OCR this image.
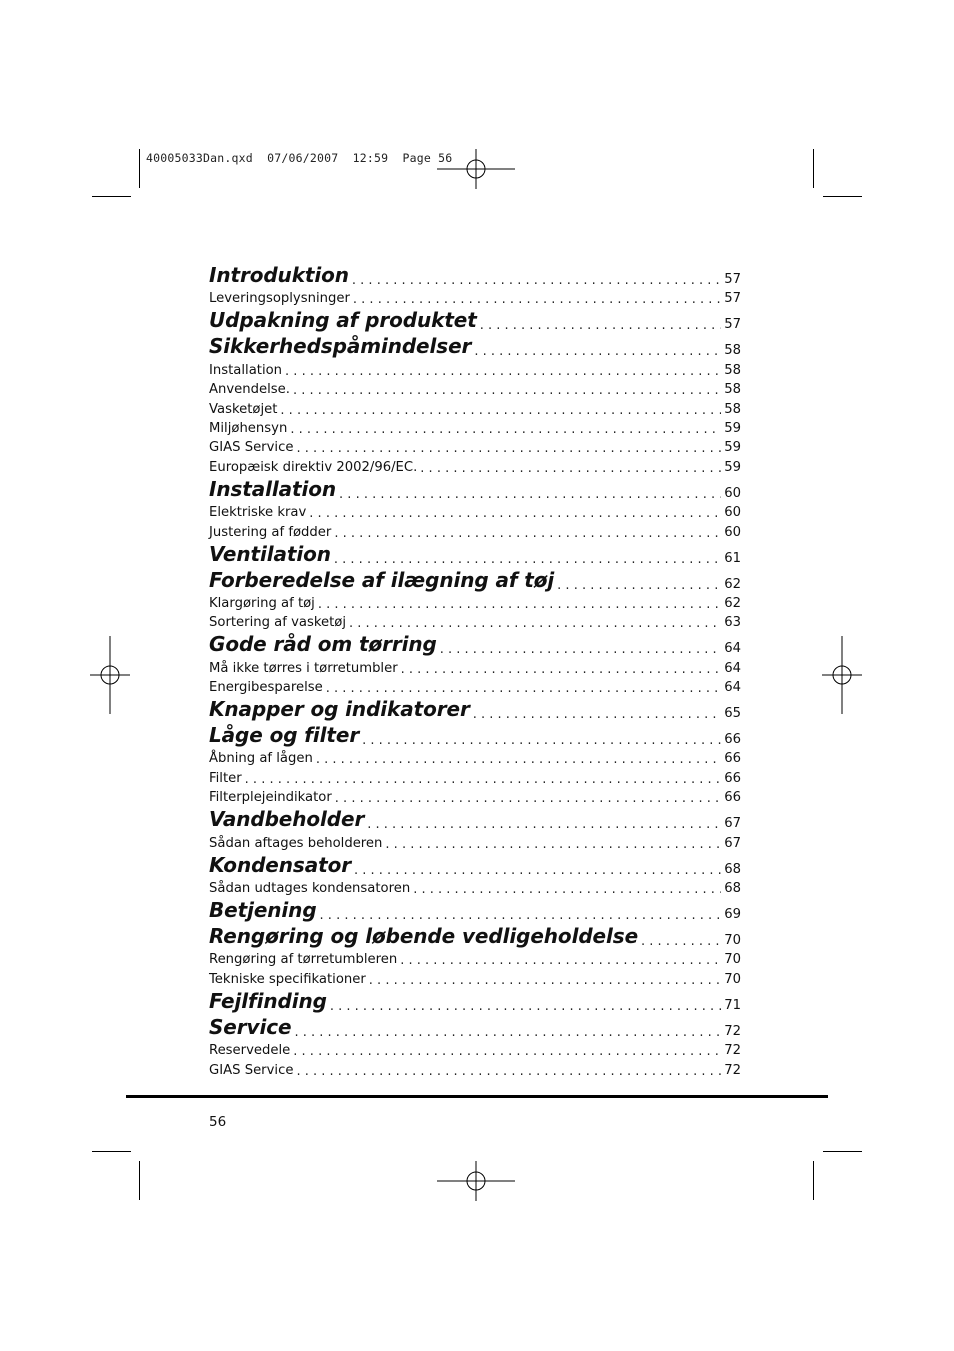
40005033Dan.qxd  07/06/2007  12:59  Page 56
Introduktion . . .	57
Leveringsoplysninger . . .	57
Udpakning af produktet . . .	57
Sikkerhedspåmindelser . . .	58
Installation . . .	58
Anvendelse. . . .	58
Vasketøjet . . .	58
Miljøhensyn . . .	59
GIAS Service . . .	59
Europæisk direktiv 2002/96/EC. . . .	59
Installation . . .	60
Elektriske krav . . .	60
Justering af fødder . . .	60
Ventilation . . .	61
Forberedelse af ilægning af tøj . . .	62
Klargøring af tøj . . .	62
Sortering af vasketøj . . .	63
Gode råd om tørring . . .	64
Må ikke tørres i tørretumbler . . .	64
Energibesparelse . . .	64
Knapper og indikatorer . . .	65
Låge og filter . . .	66
Åbning af lågen . . .	66
Filter . . .	66
Filterplejeindikator . . .	66
Vandbeholder . . .	67
Sådan aftages beholderen . . .	67
Kondensator . . .	68
Sådan udtages kondensatoren . . .	68
Betjening . . .	69
Rengøring og løbende vedligeholdelse . . .	70
Rengøring af tørretumbleren . . .	70
Tekniske specifikationer . . .	70
Fejlfinding . . .	71
Service . . .	72
Reservedele . . .	72
GIAS Service . . .	72
56
